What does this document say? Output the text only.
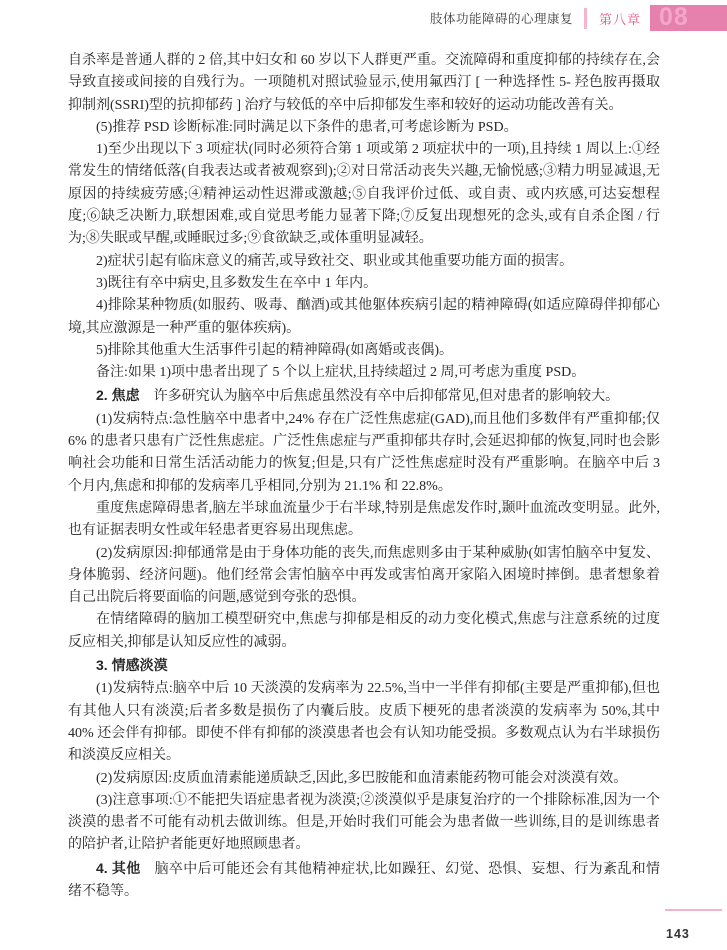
肢体功能障碍的心理康复 第八章 08

自杀率是普通人群的 2 倍,其中妇女和 60 岁以下人群更严重。交流障碍和重度抑郁的持续存在,会导致直接或间接的自残行为。一项随机对照试验显示,使用氟西汀 [ 一种选择性 5- 羟色胺再摄取抑制剂(SSRI)型的抗抑郁药 ] 治疗与较低的卒中后抑郁发生率和较好的运动功能改善有关。

(5)推荐 PSD 诊断标准:同时满足以下条件的患者,可考虑诊断为 PSD。

1)至少出现以下 3 项症状(同时必须符合第 1 项或第 2 项症状中的一项),且持续 1 周以上:①经常发生的情绪低落(自我表达或者被观察到);②对日常活动丧失兴趣,无愉悦感;③精力明显减退,无原因的持续疲劳感;④精神运动性迟滞或激越;⑤自我评价过低、或自责、或内疚感,可达妄想程度;⑥缺乏决断力,联想困难,或自觉思考能力显著下降;⑦反复出现想死的念头,或有自杀企图 / 行为;⑧失眠或早醒,或睡眠过多;⑨食欲缺乏,或体重明显减轻。

2)症状引起有临床意义的痛苦,或导致社交、职业或其他重要功能方面的损害。

3)既往有卒中病史,且多数发生在卒中 1 年内。

4)排除某种物质(如服药、吸毒、酗酒)或其他躯体疾病引起的精神障碍(如适应障碍伴抑郁心境,其应激源是一种严重的躯体疾病)。

5)排除其他重大生活事件引起的精神障碍(如离婚或丧偶)。

备注:如果 1)项中患者出现了 5 个以上症状,且持续超过 2 周,可考虑为重度 PSD。

2. 焦虑 许多研究认为脑卒中后焦虑虽然没有卒中后抑郁常见,但对患者的影响较大。

(1)发病特点:急性脑卒中患者中,24% 存在广泛性焦虑症(GAD),而且他们多数伴有严重抑郁;仅 6% 的患者只患有广泛性焦虑症。广泛性焦虑症与严重抑郁共存时,会延迟抑郁的恢复,同时也会影响社会功能和日常生活活动能力的恢复;但是,只有广泛性焦虑症时没有严重影响。在脑卒中后 3 个月内,焦虑和抑郁的发病率几乎相同,分别为 21.1% 和 22.8%。

重度焦虑障碍患者,脑左半球血流量少于右半球,特别是焦虑发作时,颞叶血流改变明显。此外,也有证据表明女性或年轻患者更容易出现焦虑。

(2)发病原因:抑郁通常是由于身体功能的丧失,而焦虑则多由于某种威胁(如害怕脑卒中复发、身体脆弱、经济问题)。他们经常会害怕脑卒中再发或害怕离开家陷入困境时摔倒。患者想象着自己出院后将要面临的问题,感觉到夸张的恐惧。

在情绪障碍的脑加工模型研究中,焦虑与抑郁是相反的动力变化模式,焦虑与注意系统的过度反应相关,抑郁是认知反应性的减弱。

3. 情感淡漠

(1)发病特点:脑卒中后 10 天淡漠的发病率为 22.5%,当中一半伴有抑郁(主要是严重抑郁),但也有其他人只有淡漠;后者多数是损伤了内囊后肢。皮质下梗死的患者淡漠的发病率为 50%,其中 40% 还会伴有抑郁。即使不伴有抑郁的淡漠患者也会有认知功能受损。多数观点认为右半球损伤和淡漠反应相关。

(2)发病原因:皮质血清素能递质缺乏,因此,多巴胺能和血清素能药物可能会对淡漠有效。

(3)注意事项:①不能把失语症患者视为淡漠;②淡漠似乎是康复治疗的一个排除标准,因为一个淡漠的患者不可能有动机去做训练。但是,开始时我们可能会为患者做一些训练,目的是训练患者的陪护者,让陪护者能更好地照顾患者。

4. 其他 脑卒中后可能还会有其他精神症状,比如躁狂、幻觉、恐惧、妄想、行为紊乱和情绪不稳等。

143
